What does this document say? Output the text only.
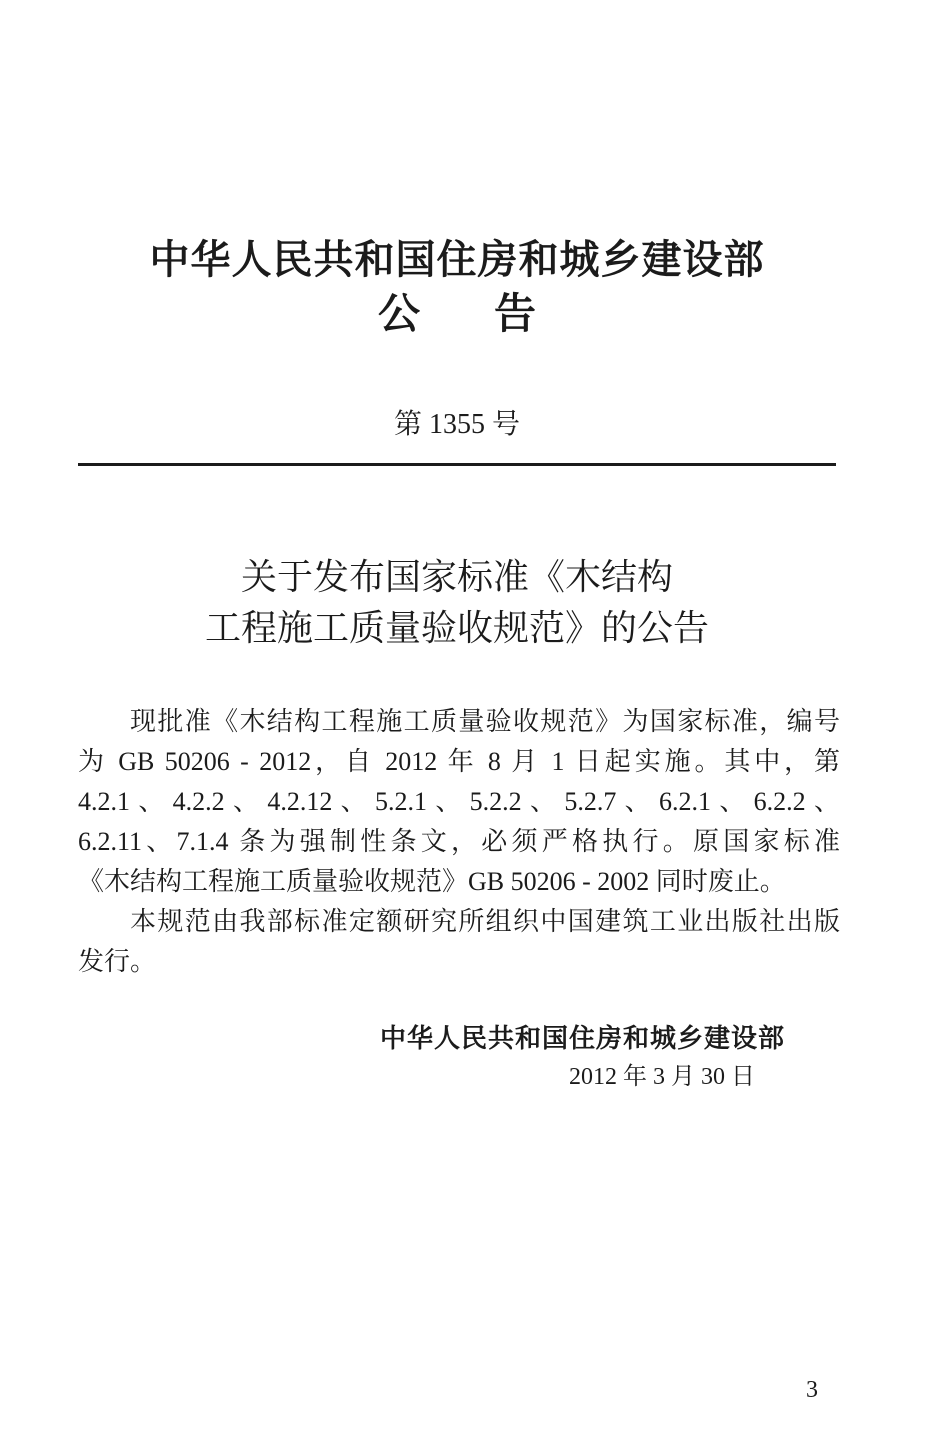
中华人民共和国住房和城乡建设部
公　告
第 1355 号
关于发布国家标准《木结构
工程施工质量验收规范》的公告
现批准《木结构工程施工质量验收规范》为国家标准，编号
为 GB 50206 - 2012，自 2012 年 8 月 1 日起实施。其中，第
4.2.1、4.2.2、4.2.12、5.2.1、5.2.2、5.2.7、6.2.1、6.2.2、
6.2.11、7.1.4 条为强制性条文，必须严格执行。原国家标准
《木结构工程施工质量验收规范》GB 50206 - 2002 同时废止。
本规范由我部标准定额研究所组织中国建筑工业出版社出版
发行。
中华人民共和国住房和城乡建设部
2012 年 3 月 30 日
3
